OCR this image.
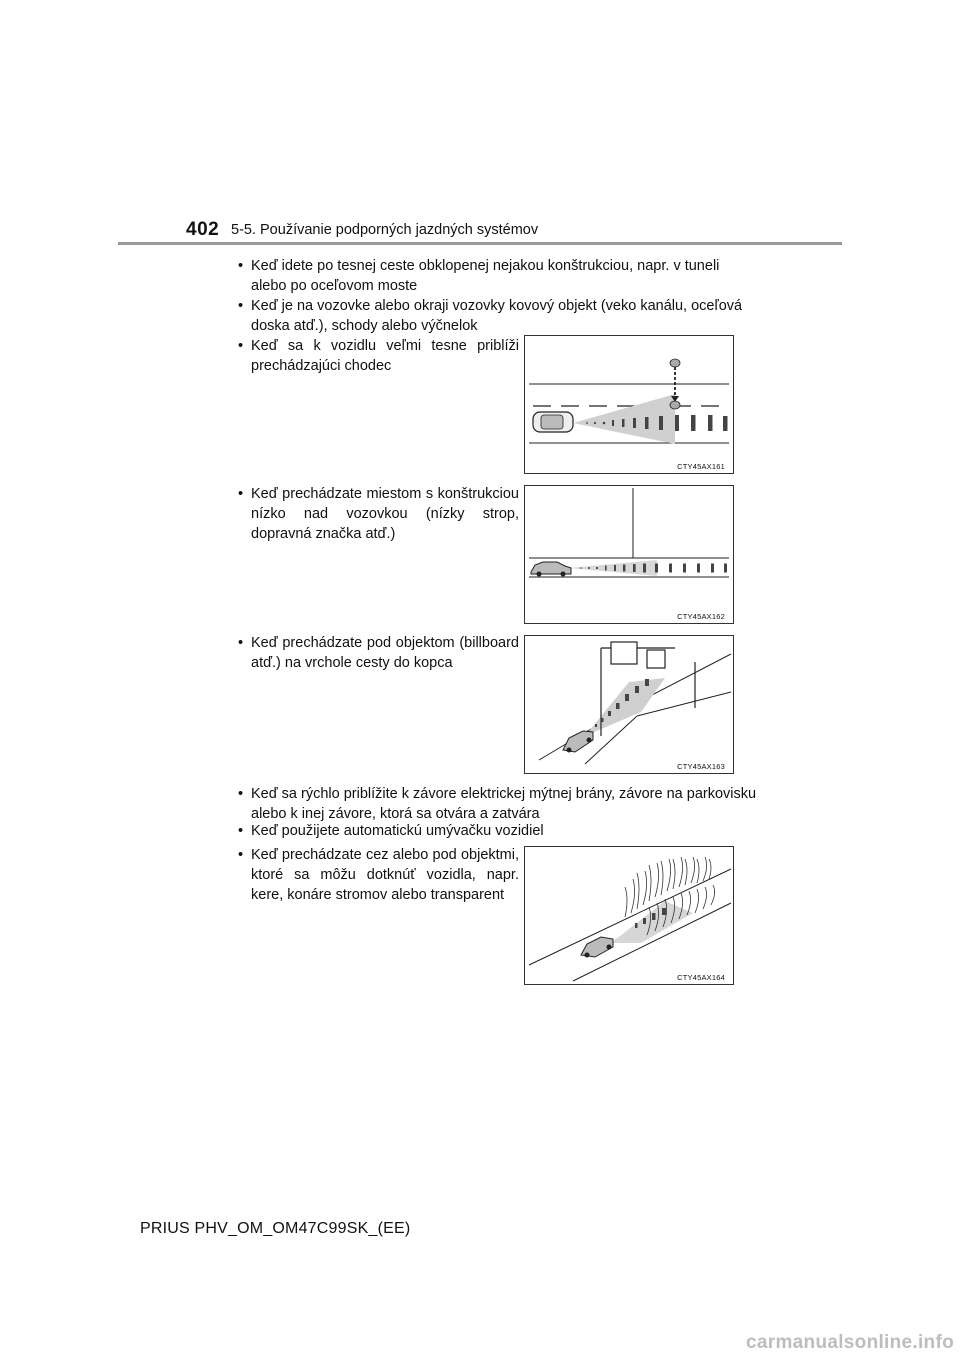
402 5-5. Používanie podporných jazdných systémov
• Keď idete po tesnej ceste obklopenej nejakou konštrukciou, napr. v tuneli alebo po oceľovom moste
• Keď je na vozovke alebo okraji vozovky kovový objekt (veko kanálu, oceľová doska atď.), schody alebo výčnelok
• Keď sa k vozidlu veľmi tesne priblíži prechádzajúci chodec
CTY45AX161
• Keď prechádzate miestom s konštrukciou nízko nad vozovkou (nízky strop, dopravná značka atď.)
CTY45AX162
• Keď prechádzate pod objektom (billboard atď.) na vrchole cesty do kopca
CTY45AX163
• Keď sa rýchlo priblížite k závore elektrickej mýtnej brány, závore na parkovisku alebo k inej závore, ktorá sa otvára a zatvára
• Keď použijete automatickú umývačku vozidiel
• Keď prechádzate cez alebo pod objektmi, ktoré sa môžu dotknúť vozidla, napr. kere, konáre stromov alebo transparent
CTY45AX164
PRIUS PHV_OM_OM47C99SK_(EE)
carmanualsonline.info
